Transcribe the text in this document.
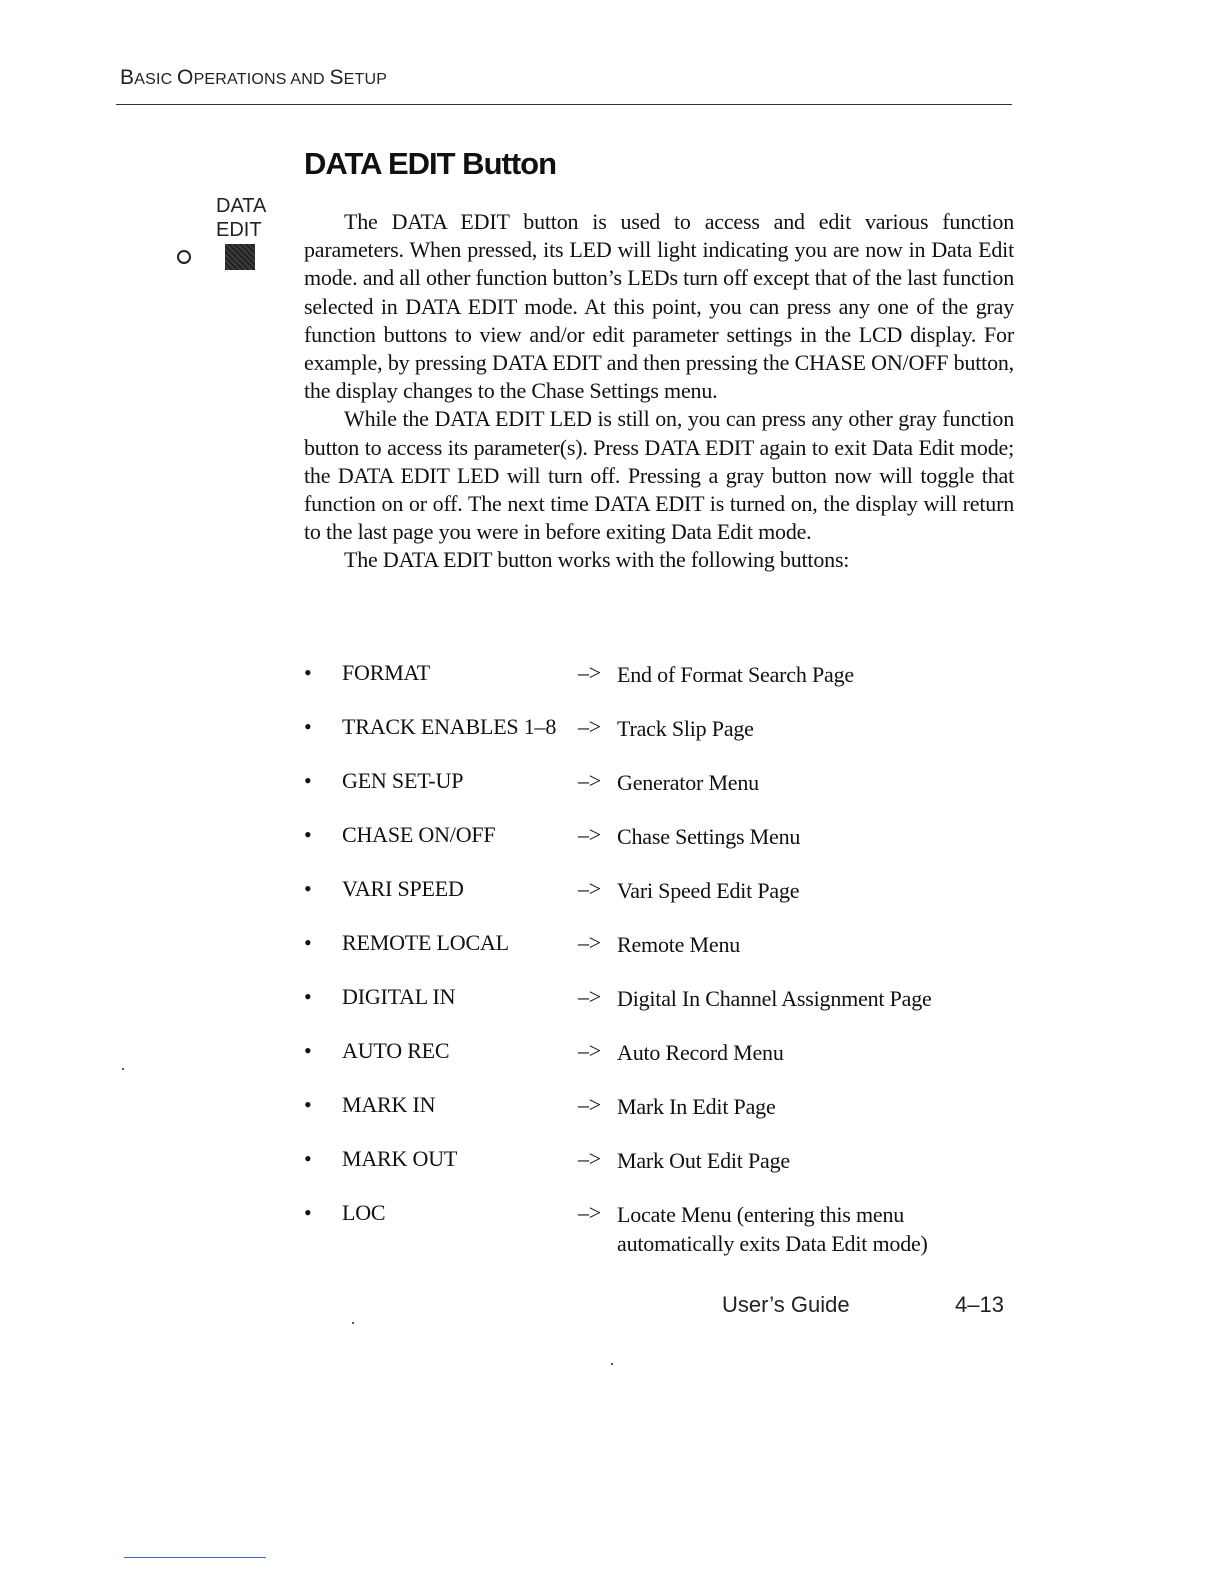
BASIC OPERATIONS AND SETUP
DATA EDIT Button
DATA
EDIT	The DATA EDIT button is used to access and edit various function parameters. When pressed, its LED will light indicating you are now in Data Edit mode. and all other function button’s LEDs turn off except that of the last function selected in DATA EDIT mode. At this point, you can press any one of the gray function buttons to view and/or edit parameter settings in the LCD display. For example, by pressing DATA EDIT and then pressing the CHASE ON/OFF button, the display changes to the Chase Settings menu.

While the DATA EDIT LED is still on, you can press any other gray function button to access its parameter(s). Press DATA EDIT again to exit Data Edit mode; the DATA EDIT LED will turn off. Pressing a gray button now will toggle that function on or off. The next time DATA EDIT is turned on, the display will return to the last page you were in before exiting Data Edit mode.

The DATA EDIT button works with the following buttons:

• FORMAT	–> End of Format Search Page
• TRACK ENABLES 1–8 –> Track Slip Page
• GEN SET-UP	–> Generator Menu
• CHASE ON/OFF	–> Chase Settings Menu
• VARI SPEED	–> Vari Speed Edit Page
• REMOTE LOCAL	–> Remote Menu
• DIGITAL IN	–> Digital In Channel Assignment Page
• AUTO REC	–> Auto Record Menu
• MARK IN	–> Mark In Edit Page
• MARK OUT	–> Mark Out Edit Page
• LOC	–> Locate Menu (entering this menu automatically exits Data Edit mode)
User’s Guide	4–13
